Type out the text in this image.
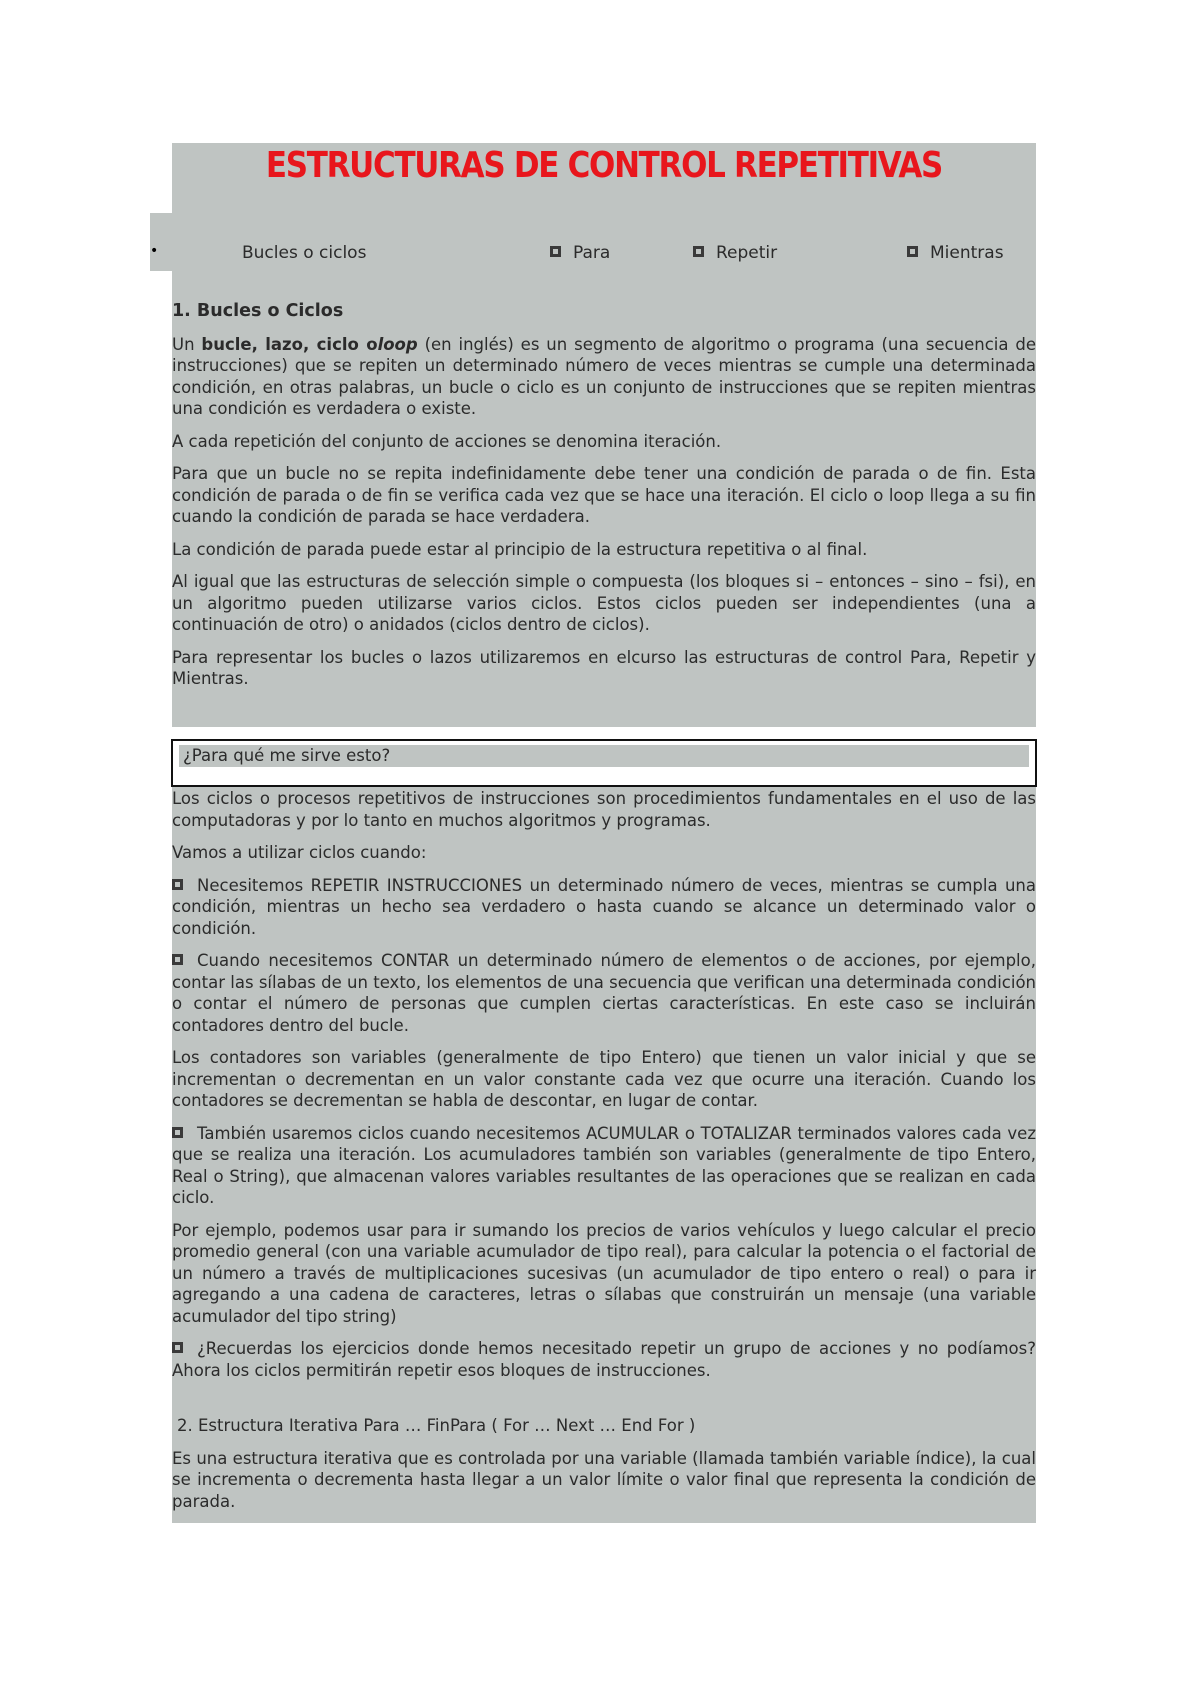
ESTRUCTURAS DE CONTROL REPETITIVAS
•	Bucles o ciclos	Para	Repetir	Mientras

1. Bucles o Ciclos

Un bucle, lazo, ciclo oloop (en inglés) es un segmento de algoritmo o programa (una secuencia de instrucciones) que se repiten un determinado número de veces mientras se cumple una determinada condición, en otras palabras, un bucle o ciclo es un conjunto de instrucciones que se repiten mientras una condición es verdadera o existe.

A cada repetición del conjunto de acciones se denomina iteración.

Para que un bucle no se repita indefinidamente debe tener una condición de parada o de fin. Esta condición de parada o de fin se verifica cada vez que se hace una iteración. El ciclo o loop llega a su fin cuando la condición de parada se hace verdadera.

La condición de parada puede estar al principio de la estructura repetitiva o al final.

Al igual que las estructuras de selección simple o compuesta (los bloques si – entonces – sino – fsi), en un algoritmo pueden utilizarse varios ciclos. Estos ciclos pueden ser independientes (una a continuación de otro) o anidados (ciclos dentro de ciclos).

Para representar los bucles o lazos utilizaremos en elcurso las estructuras de control Para, Repetir y Mientras.

¿Para qué me sirve esto?

Los ciclos o procesos repetitivos de instrucciones son procedimientos fundamentales en el uso de las computadoras y por lo tanto en muchos algoritmos y programas.

Vamos a utilizar ciclos cuando:

Necesitemos REPETIR INSTRUCCIONES un determinado número de veces, mientras se cumpla una condición, mientras un hecho sea verdadero o hasta cuando se alcance un determinado valor o condición.

Cuando necesitemos CONTAR un determinado número de elementos o de acciones, por ejemplo, contar las sílabas de un texto, los elementos de una secuencia que verifican una determinada condición o contar el número de personas que cumplen ciertas características. En este caso se incluirán contadores dentro del bucle.

Los contadores son variables (generalmente de tipo Entero) que tienen un valor inicial y que se incrementan o decrementan en un valor constante cada vez que ocurre una iteración. Cuando los contadores se decrementan se habla de descontar, en lugar de contar.

También usaremos ciclos cuando necesitemos ACUMULAR o TOTALIZAR terminados valores cada vez que se realiza una iteración. Los acumuladores también son variables (generalmente de tipo Entero, Real o String), que almacenan valores variables resultantes de las operaciones que se realizan en cada ciclo.

Por ejemplo, podemos usar para ir sumando los precios de varios vehículos y luego calcular el precio promedio general (con una variable acumulador de tipo real), para calcular la potencia o el factorial de un número a través de multiplicaciones sucesivas (un acumulador de tipo entero o real) o para ir agregando a una cadena de caracteres, letras o sílabas que construirán un mensaje (una variable acumulador del tipo string)

¿Recuerdas los ejercicios donde hemos necesitado repetir un grupo de acciones y no podíamos? Ahora los ciclos permitirán repetir esos bloques de instrucciones.

2. Estructura Iterativa Para … FinPara ( For … Next … End For )

Es una estructura iterativa que es controlada por una variable (llamada también variable índice), la cual se incrementa o decrementa hasta llegar a un valor límite o valor final que representa la condición de parada.
